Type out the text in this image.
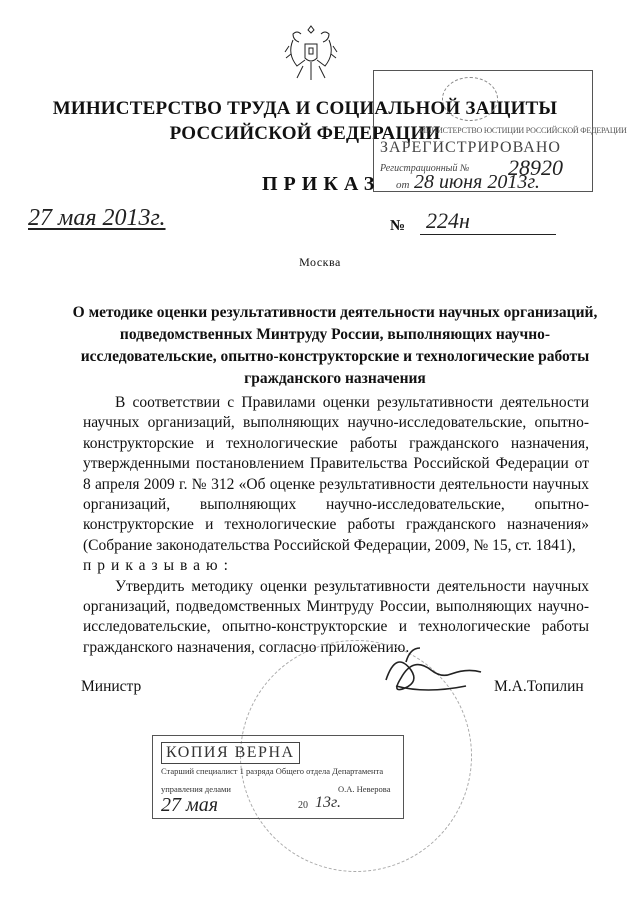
МИНИСТЕРСТВО ТРУДА И СОЦИАЛЬНОЙ ЗАЩИТЫ
РОССИЙСКОЙ ФЕДЕРАЦИИ
МИНИСТЕРСТВО ЮСТИЦИИ РОССИЙСКОЙ ФЕДЕРАЦИИ
ЗАРЕГИСТРИРОВАНО
Регистрационный № 28920
от 28 июня 2013г.
ПРИКАЗ
27 мая 2013г.	№ 224н
Москва
О методике оценки результативности деятельности научных организаций, подведомственных Минтруду России, выполняющих научно-исследовательские, опытно-конструкторские и технологические работы гражданского назначения

В соответствии с Правилами оценки результативности деятельности научных организаций, выполняющих научно-исследовательские, опытно-конструкторские и технологические работы гражданского назначения, утвержденными постановлением Правительства Российской Федерации от 8 апреля 2009 г. № 312 «Об оценке результативности деятельности научных организаций, выполняющих научно-исследовательские, опытно-конструкторские и технологические работы гражданского назначения» (Собрание законодательства Российской Федерации, 2009, № 15, ст. 1841),

приказываю:

Утвердить методику оценки результативности деятельности научных организаций, подведомственных Минтруду России, выполняющих научно-исследовательские, опытно-конструкторские и технологические работы гражданского назначения, согласно приложению.

Министр	М.А.Топилин
КОПИЯ ВЕРНА
Старший специалист 1 разряда Общего отдела Департамента
управления делами	О.А. Неверова
27 мая	20 13г.
